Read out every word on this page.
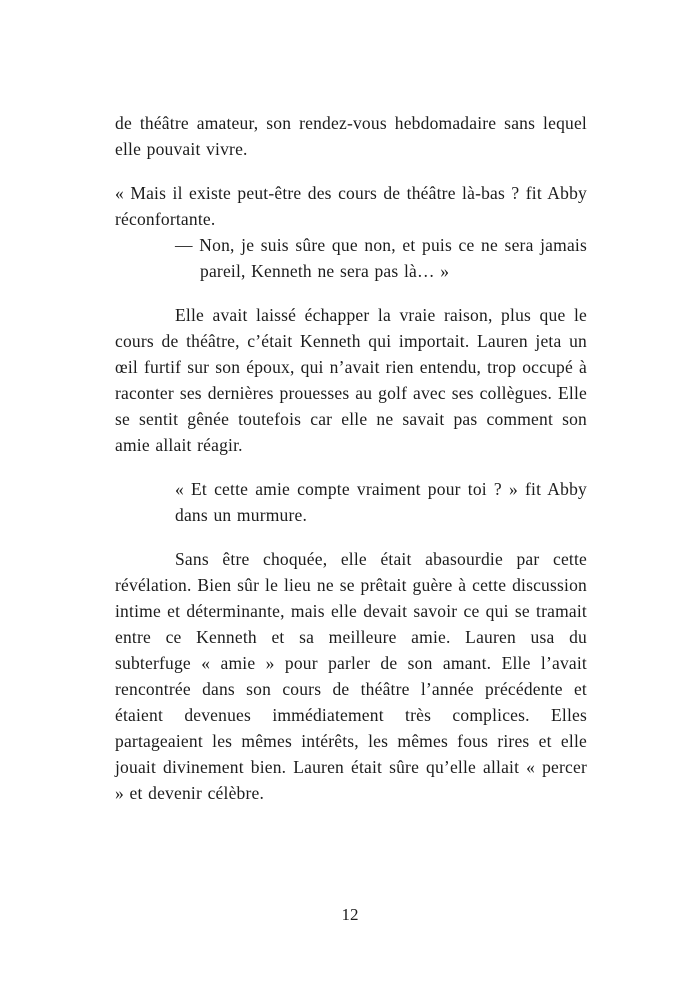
de théâtre amateur, son rendez-vous hebdomadaire sans lequel elle pouvait vivre.

« Mais il existe peut-être des cours de théâtre là-bas ? fit Abby réconfortante.

— Non, je suis sûre que non, et puis ce ne sera jamais pareil, Kenneth ne sera pas là… »

Elle avait laissé échapper la vraie raison, plus que le cours de théâtre, c’était Kenneth qui importait. Lauren jeta un œil furtif sur son époux, qui n’avait rien entendu, trop occupé à raconter ses dernières prouesses au golf avec ses collègues. Elle se sentit gênée toutefois car elle ne savait pas comment son amie allait réagir.

« Et cette amie compte vraiment pour toi ? » fit Abby dans un murmure.

Sans être choquée, elle était abasourdie par cette révélation. Bien sûr le lieu ne se prêtait guère à cette discussion intime et déterminante, mais elle devait savoir ce qui se tramait entre ce Kenneth et sa meilleure amie. Lauren usa du subterfuge « amie » pour parler de son amant. Elle l’avait rencontrée dans son cours de théâtre l’année précédente et étaient devenues immédiatement très complices. Elles partageaient les mêmes intérêts, les mêmes fous rires et elle jouait divinement bien. Lauren était sûre qu’elle allait « percer » et devenir célèbre.

12
